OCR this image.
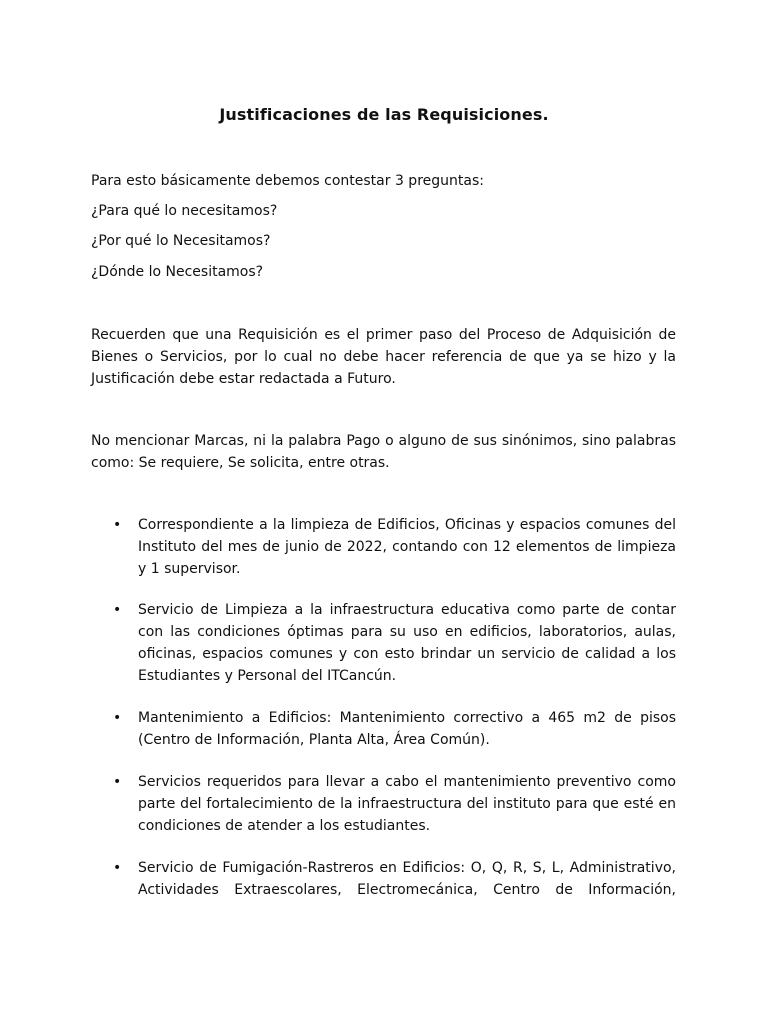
Justificaciones de las Requisiciones.
Para esto básicamente debemos contestar 3 preguntas:
¿Para qué lo necesitamos?
¿Por qué lo Necesitamos?
¿Dónde lo Necesitamos?
Recuerden que una Requisición es el primer paso del Proceso de Adquisición de Bienes o Servicios, por lo cual no debe hacer referencia de que ya se hizo y la Justificación debe estar redactada a Futuro.
No mencionar Marcas, ni la palabra Pago o alguno de sus sinónimos, sino palabras como: Se requiere, Se solicita, entre otras.
• Correspondiente a la limpieza de Edificios, Oficinas y espacios comunes del Instituto del mes de junio de 2022, contando con 12 elementos de limpieza y 1 supervisor.
• Servicio de Limpieza a la infraestructura educativa como parte de contar con las condiciones óptimas para su uso en edificios, laboratorios, aulas, oficinas, espacios comunes y con esto brindar un servicio de calidad a los Estudiantes y Personal del ITCancún.
• Mantenimiento a Edificios: Mantenimiento correctivo a 465 m2 de pisos (Centro de Información, Planta Alta, Área Común).
• Servicios requeridos para llevar a cabo el mantenimiento preventivo como parte del fortalecimiento de la infraestructura del instituto para que esté en condiciones de atender a los estudiantes.
• Servicio de Fumigación-Rastreros en Edificios: O, Q, R, S, L, Administrativo, Actividades Extraescolares, Electromecánica, Centro de Información,
